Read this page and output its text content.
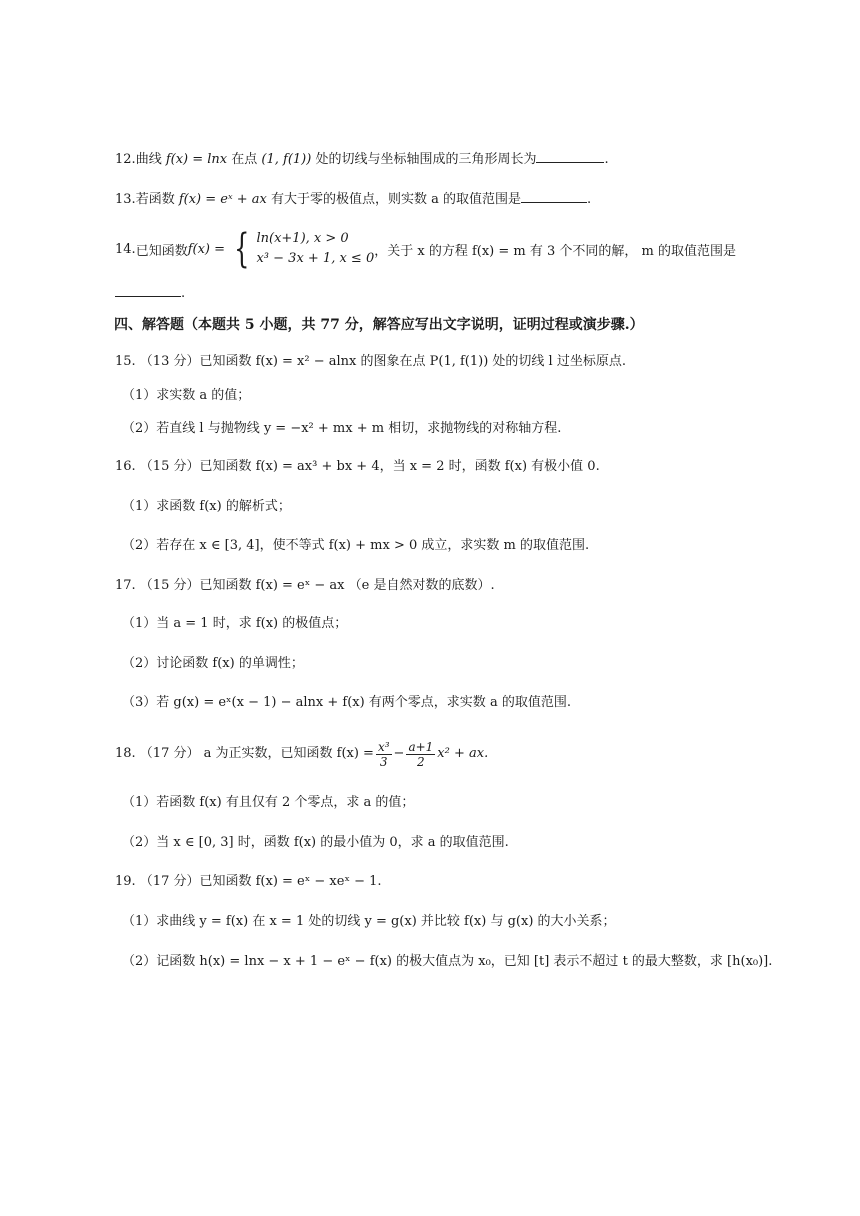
12.曲线 f(x) = lnx 在点 (1, f(1)) 处的切线与坐标轴围成的三角形周长为	.
13.若函数 f(x) = eˣ + ax 有大于零的极值点，则实数 a 的取值范围是	.
14. 已知函数 f(x) = { ln(x+1), x > 0
x³ − 3x + 1, x ≤ 0 ，关于 x 的方程 f(x) = m 有 3 个不同的解， m 的取值范围是
.
四、解答题（本题共 5 小题，共 77 分，解答应写出文字说明，证明过程或演步骤.）
15. （13 分）已知函数 f(x) = x² − alnx 的图象在点 P(1, f(1)) 处的切线 l 过坐标原点.
（1）求实数 a 的值；
（2）若直线 l 与抛物线 y = −x² + mx + m 相切，求抛物线的对称轴方程.
16. （15 分）已知函数 f(x) = ax³ + bx + 4，当 x = 2 时，函数 f(x) 有极小值 0.
（1）求函数 f(x) 的解析式；
（2）若存在 x ∈ [3, 4]，使不等式 f(x) + mx > 0 成立，求实数 m 的取值范围.
17. （15 分）已知函数 f(x) = eˣ − ax （e 是自然对数的底数）.
（1）当 a = 1 时，求 f(x) 的极值点；
（2）讨论函数 f(x) 的单调性；
（3）若 g(x) = eˣ(x − 1) − alnx + f(x) 有两个零点，求实数 a 的取值范围.
18. （17 分） a 为正实数，已知函数 $f(x) = \frac{\text{x³}}{3} - \frac{a+1}{2} x^2$ + ax.
（1）若函数 f(x) 有且仅有 2 个零点，求 a 的值；
（2）当 x ∈ [0, 3] 时，函数 f(x) 的最小值为 0，求 a 的取值范围.
19. （17 分）已知函数 f(x) = eˣ − xeˣ − 1.
（1）求曲线 y = f(x) 在 x = 1 处的切线 y = g(x) 并比较 f(x) 与 g(x) 的大小关系；
（2）记函数 h(x) = lnx − x + 1 − eˣ − f(x) 的极大值点为 x₀，已知 [t] 表示不超过 t 的最大整数，求 [h(x₀)].
